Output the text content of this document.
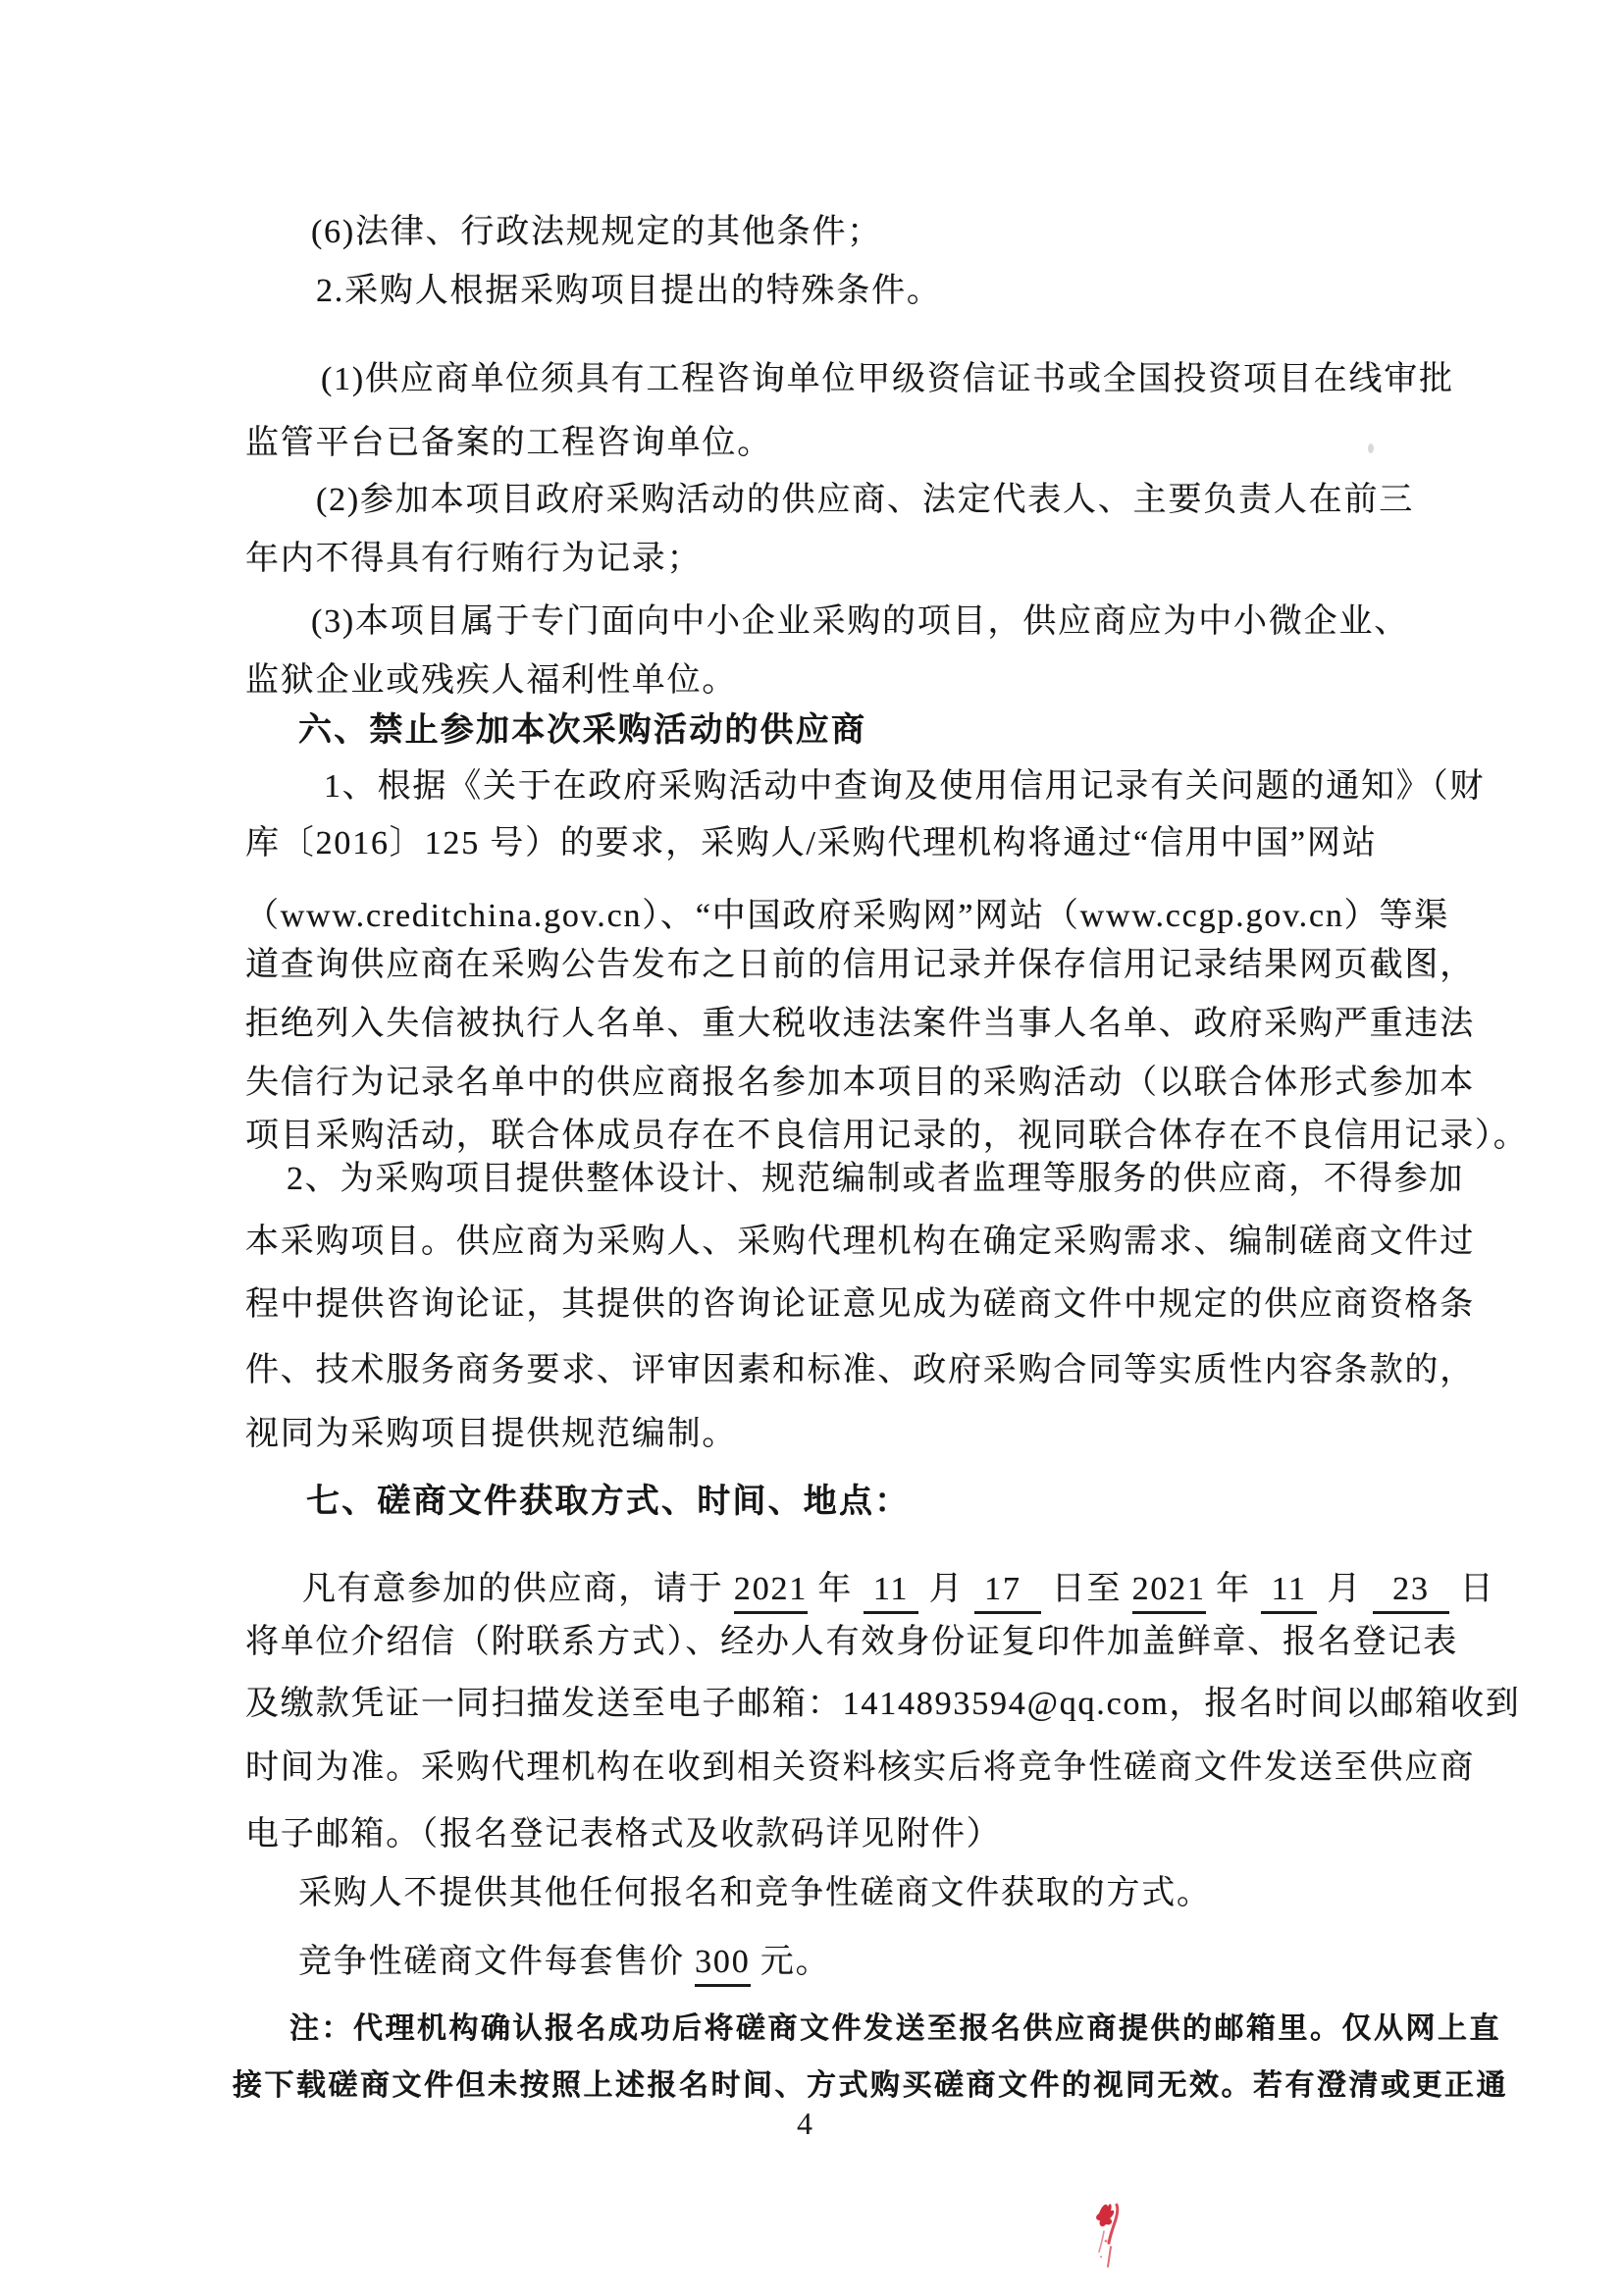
(6)法律、行政法规规定的其他条件；
2.采购人根据采购项目提出的特殊条件。
(1)供应商单位须具有工程咨询单位甲级资信证书或全国投资项目在线审批
监管平台已备案的工程咨询单位。
(2)参加本项目政府采购活动的供应商、法定代表人、主要负责人在前三
年内不得具有行贿行为记录；
(3)本项目属于专门面向中小企业采购的项目，供应商应为中小微企业、
监狱企业或残疾人福利性单位。
六、禁止参加本次采购活动的供应商
1、根据《关于在政府采购活动中查询及使用信用记录有关问题的通知》（财
库〔2016〕125 号）的要求，采购人/采购代理机构将通过“信用中国”网站
（www.creditchina.gov.cn）、“中国政府采购网”网站（www.ccgp.gov.cn）等渠
道查询供应商在采购公告发布之日前的信用记录并保存信用记录结果网页截图，
拒绝列入失信被执行人名单、重大税收违法案件当事人名单、政府采购严重违法
失信行为记录名单中的供应商报名参加本项目的采购活动（以联合体形式参加本
项目采购活动，联合体成员存在不良信用记录的，视同联合体存在不良信用记录）。
2、为采购项目提供整体设计、规范编制或者监理等服务的供应商，不得参加
本采购项目。供应商为采购人、采购代理机构在确定采购需求、编制磋商文件过
程中提供咨询论证，其提供的咨询论证意见成为磋商文件中规定的供应商资格条
件、技术服务商务要求、评审因素和标准、政府采购合同等实质性内容条款的，
视同为采购项目提供规范编制。
七、磋商文件获取方式、时间、地点：
凡有意参加的供应商，请于 2021 年  11  月  17   日至 2021 年  11  月   23   日
将单位介绍信（附联系方式）、经办人有效身份证复印件加盖鲜章、报名登记表
及缴款凭证一同扫描发送至电子邮箱：1414893594@qq.com，报名时间以邮箱收到
时间为准。采购代理机构在收到相关资料核实后将竞争性磋商文件发送至供应商
电子邮箱。（报名登记表格式及收款码详见附件）
采购人不提供其他任何报名和竞争性磋商文件获取的方式。
竞争性磋商文件每套售价 300 元。
注：代理机构确认报名成功后将磋商文件发送至报名供应商提供的邮箱里。仅从网上直
接下载磋商文件但未按照上述报名时间、方式购买磋商文件的视同无效。若有澄清或更正通
4
